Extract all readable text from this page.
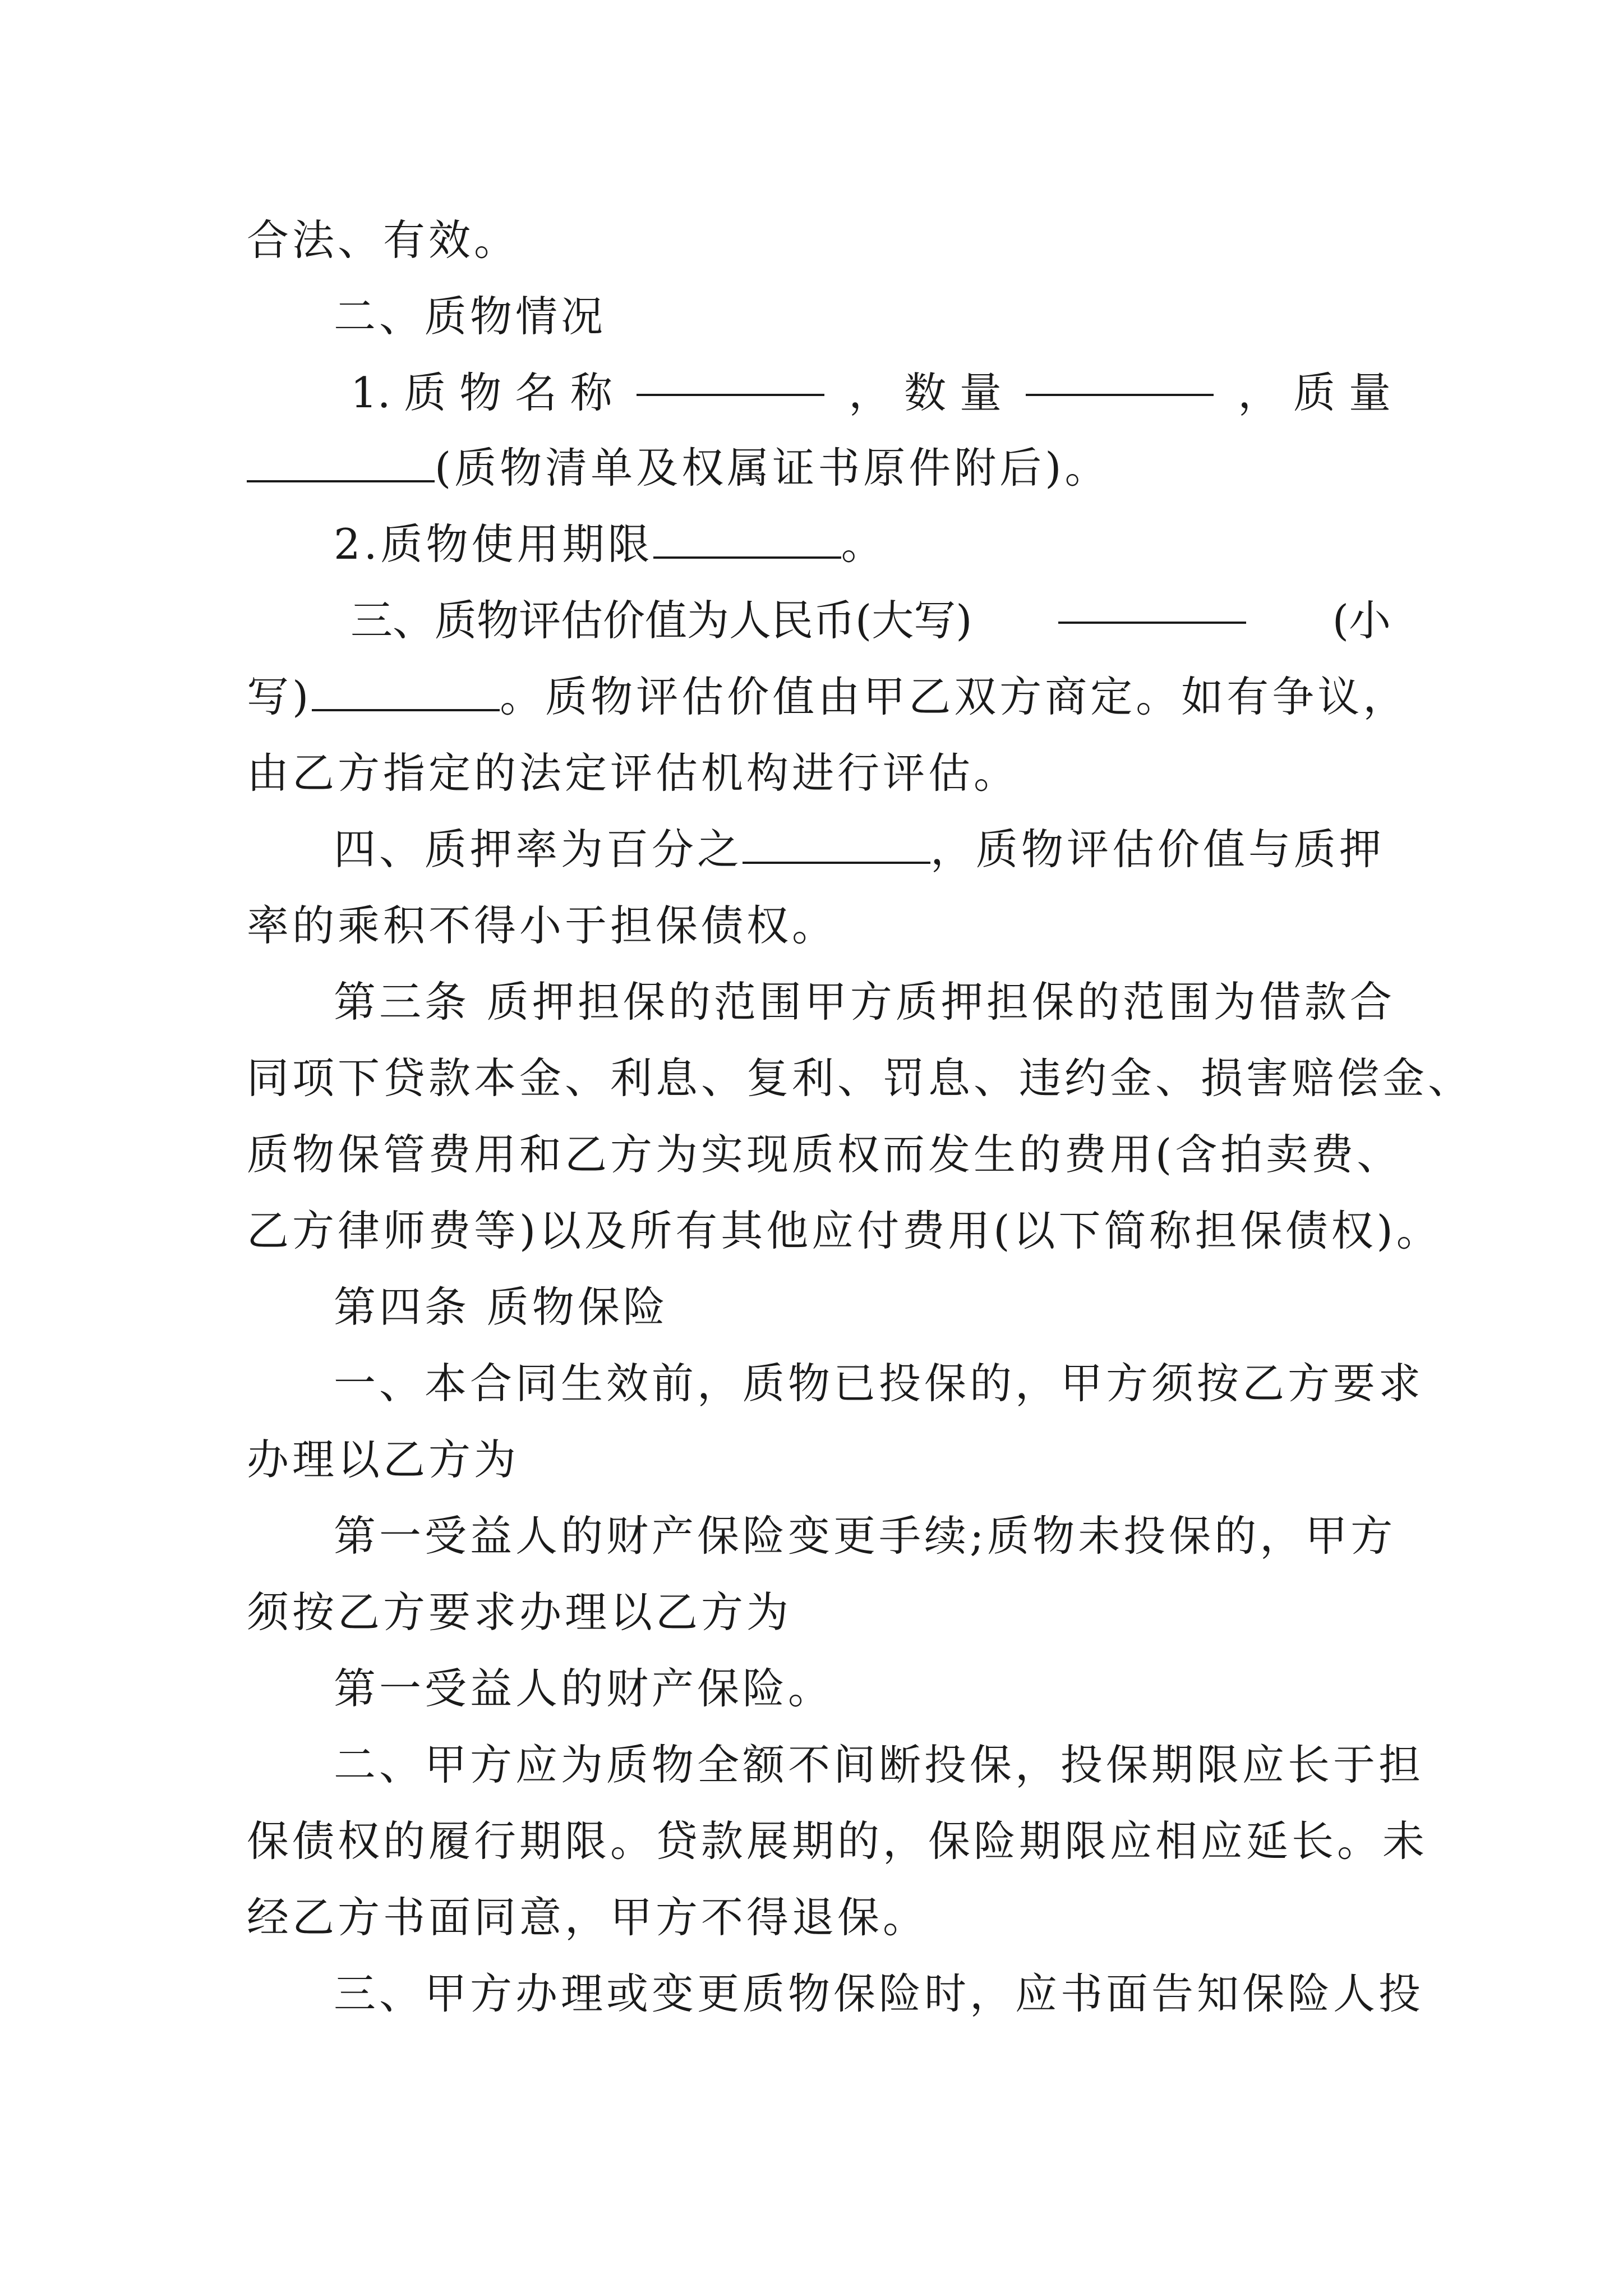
合法、有效。
二、质物情况
1. 质 物 名 称	， 数 量	， 质 量
(质物清单及权属证书原件附后)。
2.质物使用期限	。
三、质物评估价值为人民币(大写)	(小
写)	。质物评估价值由甲乙双方商定。如有争议，
由乙方指定的法定评估机构进行评估。
四、质押率为百分之	，质物评估价值与质押
率的乘积不得小于担保债权。
第三条 质押担保的范围甲方质押担保的范围为借款合
同项下贷款本金、利息、复利、罚息、违约金、损害赔偿金、
质物保管费用和乙方为实现质权而发生的费用(含拍卖费、
乙方律师费等)以及所有其他应付费用(以下简称担保债权)。
第四条 质物保险
一、本合同生效前，质物已投保的，甲方须按乙方要求
办理以乙方为
第一受益人的财产保险变更手续;质物未投保的，甲方
须按乙方要求办理以乙方为
第一受益人的财产保险。
二、甲方应为质物全额不间断投保，投保期限应长于担
保债权的履行期限。贷款展期的，保险期限应相应延长。未
经乙方书面同意，甲方不得退保。
三、甲方办理或变更质物保险时，应书面告知保险人投
